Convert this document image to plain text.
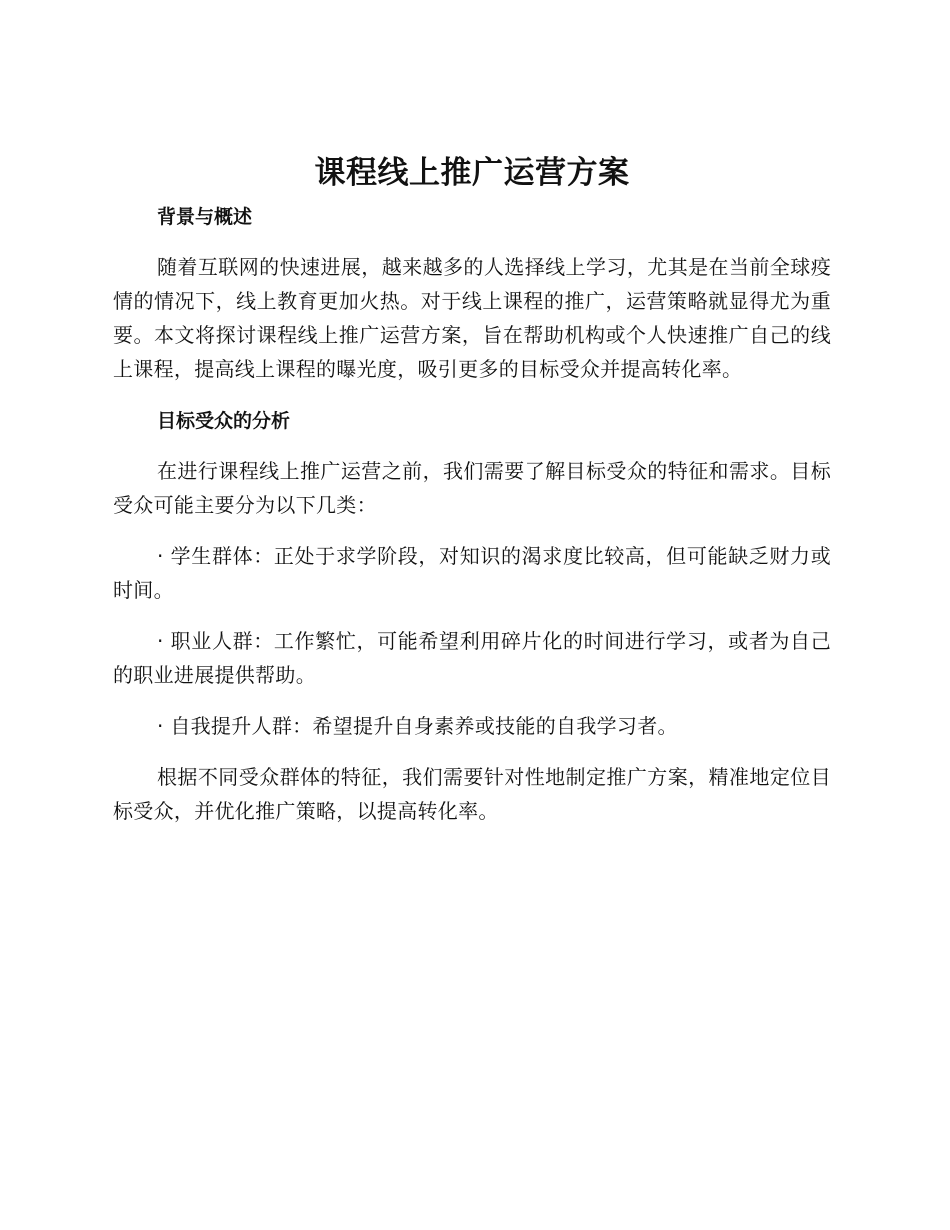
课程线上推广运营方案
背景与概述

随着互联网的快速进展，越来越多的人选择线上学习，尤其是在当前全球疫情的情况下，线上教育更加火热。对于线上课程的推广，运营策略就显得尤为重要。本文将探讨课程线上推广运营方案，旨在帮助机构或个人快速推广自己的线上课程，提高线上课程的曝光度，吸引更多的目标受众并提高转化率。

目标受众的分析

在进行课程线上推广运营之前，我们需要了解目标受众的特征和需求。目标受众可能主要分为以下几类：

· 学生群体：正处于求学阶段，对知识的渴求度比较高，但可能缺乏财力或时间。

· 职业人群：工作繁忙，可能希望利用碎片化的时间进行学习，或者为自己的职业进展提供帮助。

· 自我提升人群：希望提升自身素养或技能的自我学习者。

根据不同受众群体的特征，我们需要针对性地制定推广方案，精准地定位目标受众，并优化推广策略，以提高转化率。
